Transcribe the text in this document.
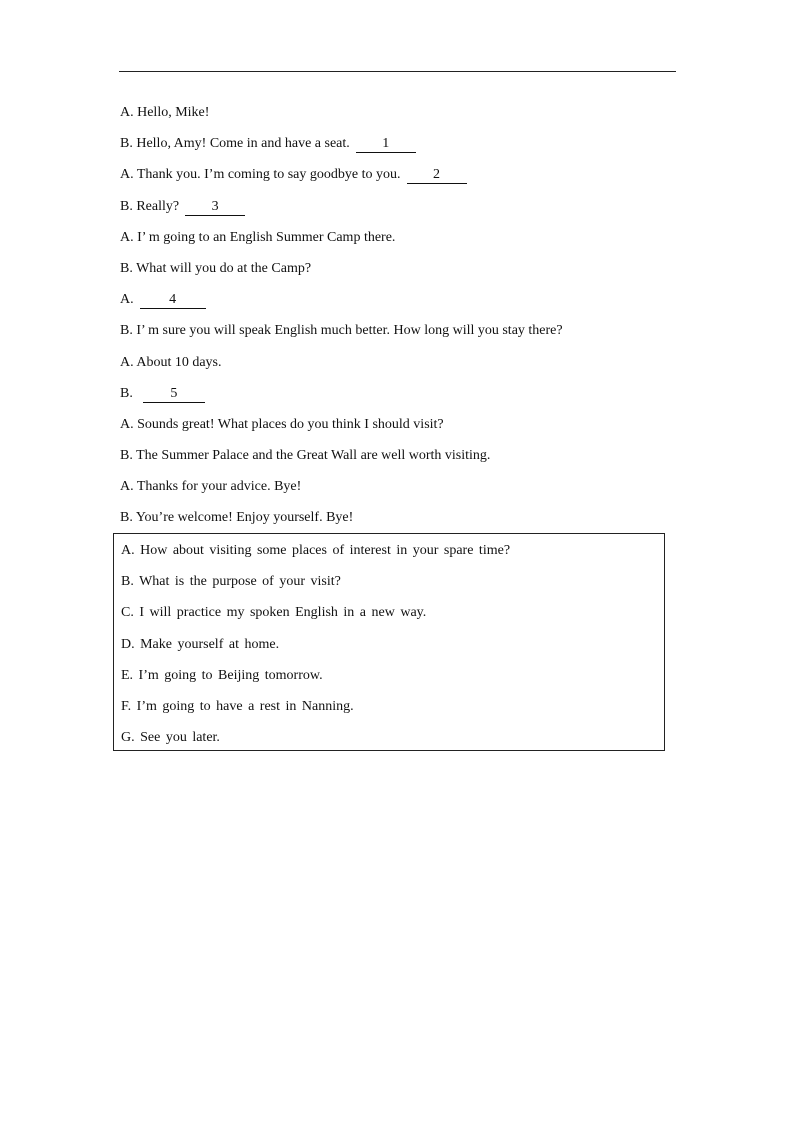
A. Hello, Mike!
B. Hello, Amy! Come in and have a seat. 1
A. Thank you. I’m coming to say goodbye to you. 2
B. Really? 3
A. I’ m going to an English Summer Camp there.
B. What will you do at the Camp?
A.	4
B. I’ m sure you will speak English much better. How long will you stay there?
A. About 10 days.
B.	5
A. Sounds great! What places do you think I should visit?
B. The Summer Palace and the Great Wall are well worth visiting.
A. Thanks for your advice. Bye!
B. You’re welcome! Enjoy yourself. Bye!
A. How about visiting some places of interest in your spare time?
B. What is the purpose of your visit?
C. I will practice my spoken English in a new way.
D. Make yourself at home.
E. I’m going to Beijing tomorrow.
F. I’m going to have a rest in Nanning.
G. See you later.
